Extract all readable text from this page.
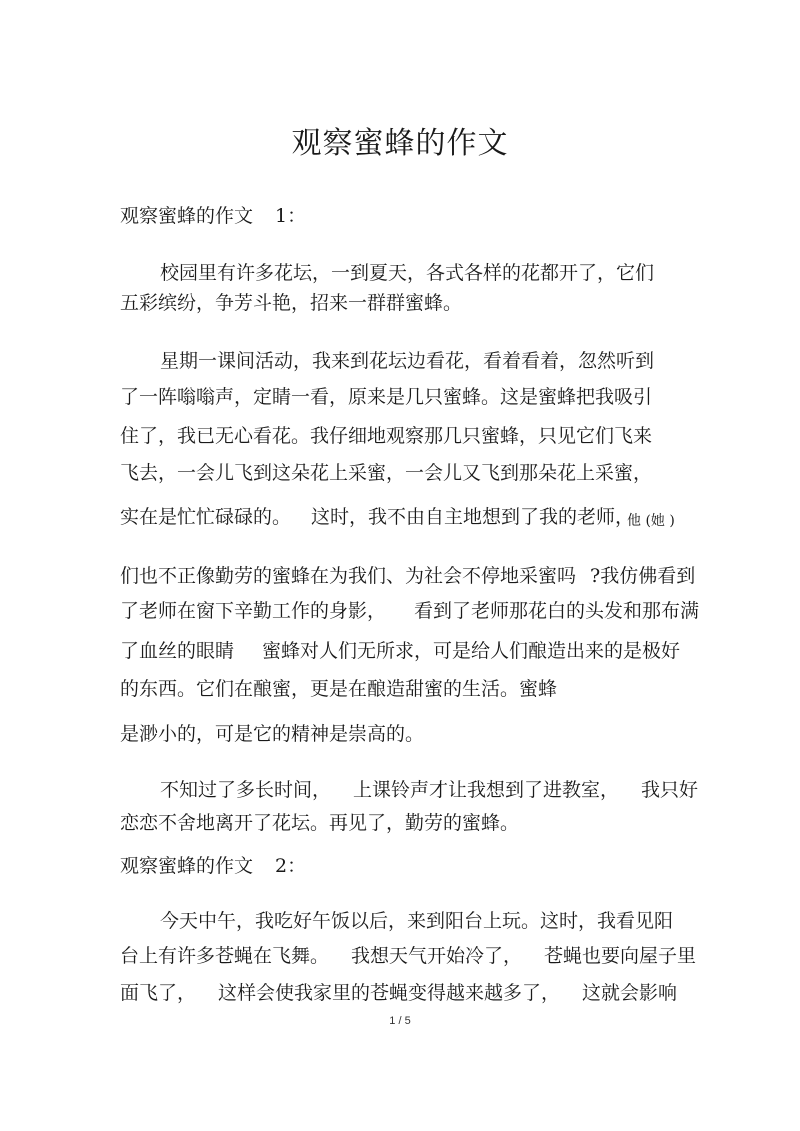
观察蜜蜂的作文
观察蜜蜂的作文 1：
校园里有许多花坛，一到夏天，各式各样的花都开了，它们
五彩缤纷，争芳斗艳，招来一群群蜜蜂。
星期一课间活动，我来到花坛边看花，看着看着，忽然听到
了一阵嗡嗡声，定睛一看，原来是几只蜜蜂。这是蜜蜂把我吸引
住了，我已无心看花。我仔细地观察那几只蜜蜂，只见它们飞来
飞去，一会儿飞到这朵花上采蜜，一会儿又飞到那朵花上采蜜，
实在是忙忙碌碌的。 这时，我不由自主地想到了我的老师，
他 (她 )
们也不正像勤劳的蜜蜂在为我们、为社会不停地采蜜吗 ?我仿佛看到
了老师在窗下辛勤工作的身影， 看到了老师那花白的头发和那布满
了血丝的眼睛 蜜蜂对人们无所求，可是给人们酿造出来的是极好
的东西。它们在酿蜜，更是在酿造甜蜜的生活。蜜蜂
是渺小的，可是它的精神是崇高的。
不知过了多长时间， 上课铃声才让我想到了进教室， 我只好
恋恋不舍地离开了花坛。再见了，勤劳的蜜蜂。
观察蜜蜂的作文 2：
今天中午，我吃好午饭以后，来到阳台上玩。这时，我看见阳
台上有许多苍蝇在飞舞。 我想天气开始冷了， 苍蝇也要向屋子里
面飞了， 这样会使我家里的苍蝇变得越来越多了， 这就会影响
1 / 5
